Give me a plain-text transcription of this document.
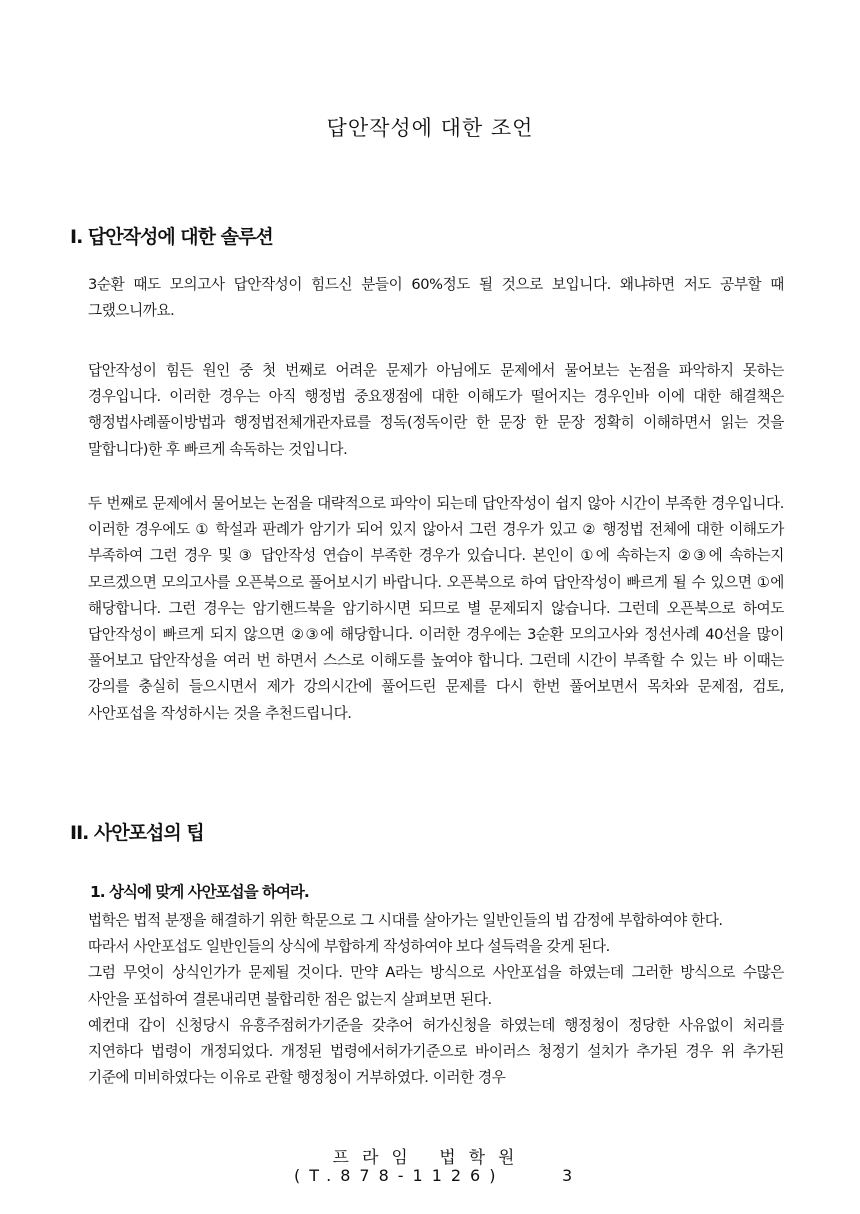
답안작성에 대한 조언
I. 답안작성에 대한 솔루션

3순환 때도 모의고사 답안작성이 힘드신 분들이 60%정도 될 것으로 보입니다. 왜냐하면 저도 공부할 때 그랬으니까요.

답안작성이 힘든 원인 중 첫 번째로 어려운 문제가 아님에도 문제에서 물어보는 논점을 파악하지 못하는 경우입니다. 이러한 경우는 아직 행정법 중요쟁점에 대한 이해도가 떨어지는 경우인바 이에 대한 해결책은 행정법사례풀이방법과 행정법전체개관자료를 정독(정독이란 한 문장 한 문장 정확히 이해하면서 읽는 것을 말합니다)한 후 빠르게 속독하는 것입니다.

두 번째로 문제에서 물어보는 논점을 대략적으로 파악이 되는데 답안작성이 쉽지 않아 시간이 부족한 경우입니다. 이러한 경우에도 ① 학설과 판례가 암기가 되어 있지 않아서 그런 경우가 있고 ② 행정법 전체에 대한 이해도가 부족하여 그런 경우 및 ③ 답안작성 연습이 부족한 경우가 있습니다. 본인이 ①에 속하는지 ②③에 속하는지 모르겠으면 모의고사를 오픈북으로 풀어보시기 바랍니다. 오픈북으로 하여 답안작성이 빠르게 될 수 있으면 ①에 해당합니다. 그런 경우는 암기핸드북을 암기하시면 되므로 별 문제되지 않습니다. 그런데 오픈북으로 하여도 답안작성이 빠르게 되지 않으면 ②③에 해당합니다. 이러한 경우에는 3순환 모의고사와 정선사례 40선을 많이 풀어보고 답안작성을 여러 번 하면서 스스로 이해도를 높여야 합니다. 그런데 시간이 부족할 수 있는 바 이때는 강의를 충실히 들으시면서 제가 강의시간에 풀어드린 문제를 다시 한번 풀어보면서 목차와 문제점, 검토, 사안포섭을 작성하시는 것을 추천드립니다.

II. 사안포섭의 팁
1. 상식에 맞게 사안포섭을 하여라.

법학은 법적 분쟁을 해결하기 위한 학문으로 그 시대를 살아가는 일반인들의 법 감정에 부합하여야 한다.

따라서 사안포섭도 일반인들의 상식에 부합하게 작성하여야 보다 설득력을 갖게 된다.

그럼 무엇이 상식인가가 문제될 것이다. 만약 A라는 방식으로 사안포섭을 하였는데 그러한 방식으로 수많은 사안을 포섭하여 결론내리면 불합리한 점은 없는지 살펴보면 된다.

예컨대 갑이 신청당시 유흥주점허가기준을 갖추어 허가신청을 하였는데 행정청이 정당한 사유없이 처리를 지연하다 법령이 개정되었다. 개정된 법령에서허가기준으로 바이러스 청정기 설치가 추가된 경우 위 추가된 기준에 미비하였다는 이유로 관할 행정청이 거부하였다. 이러한 경우

프라임 법학원
(T.878-1126)	3
